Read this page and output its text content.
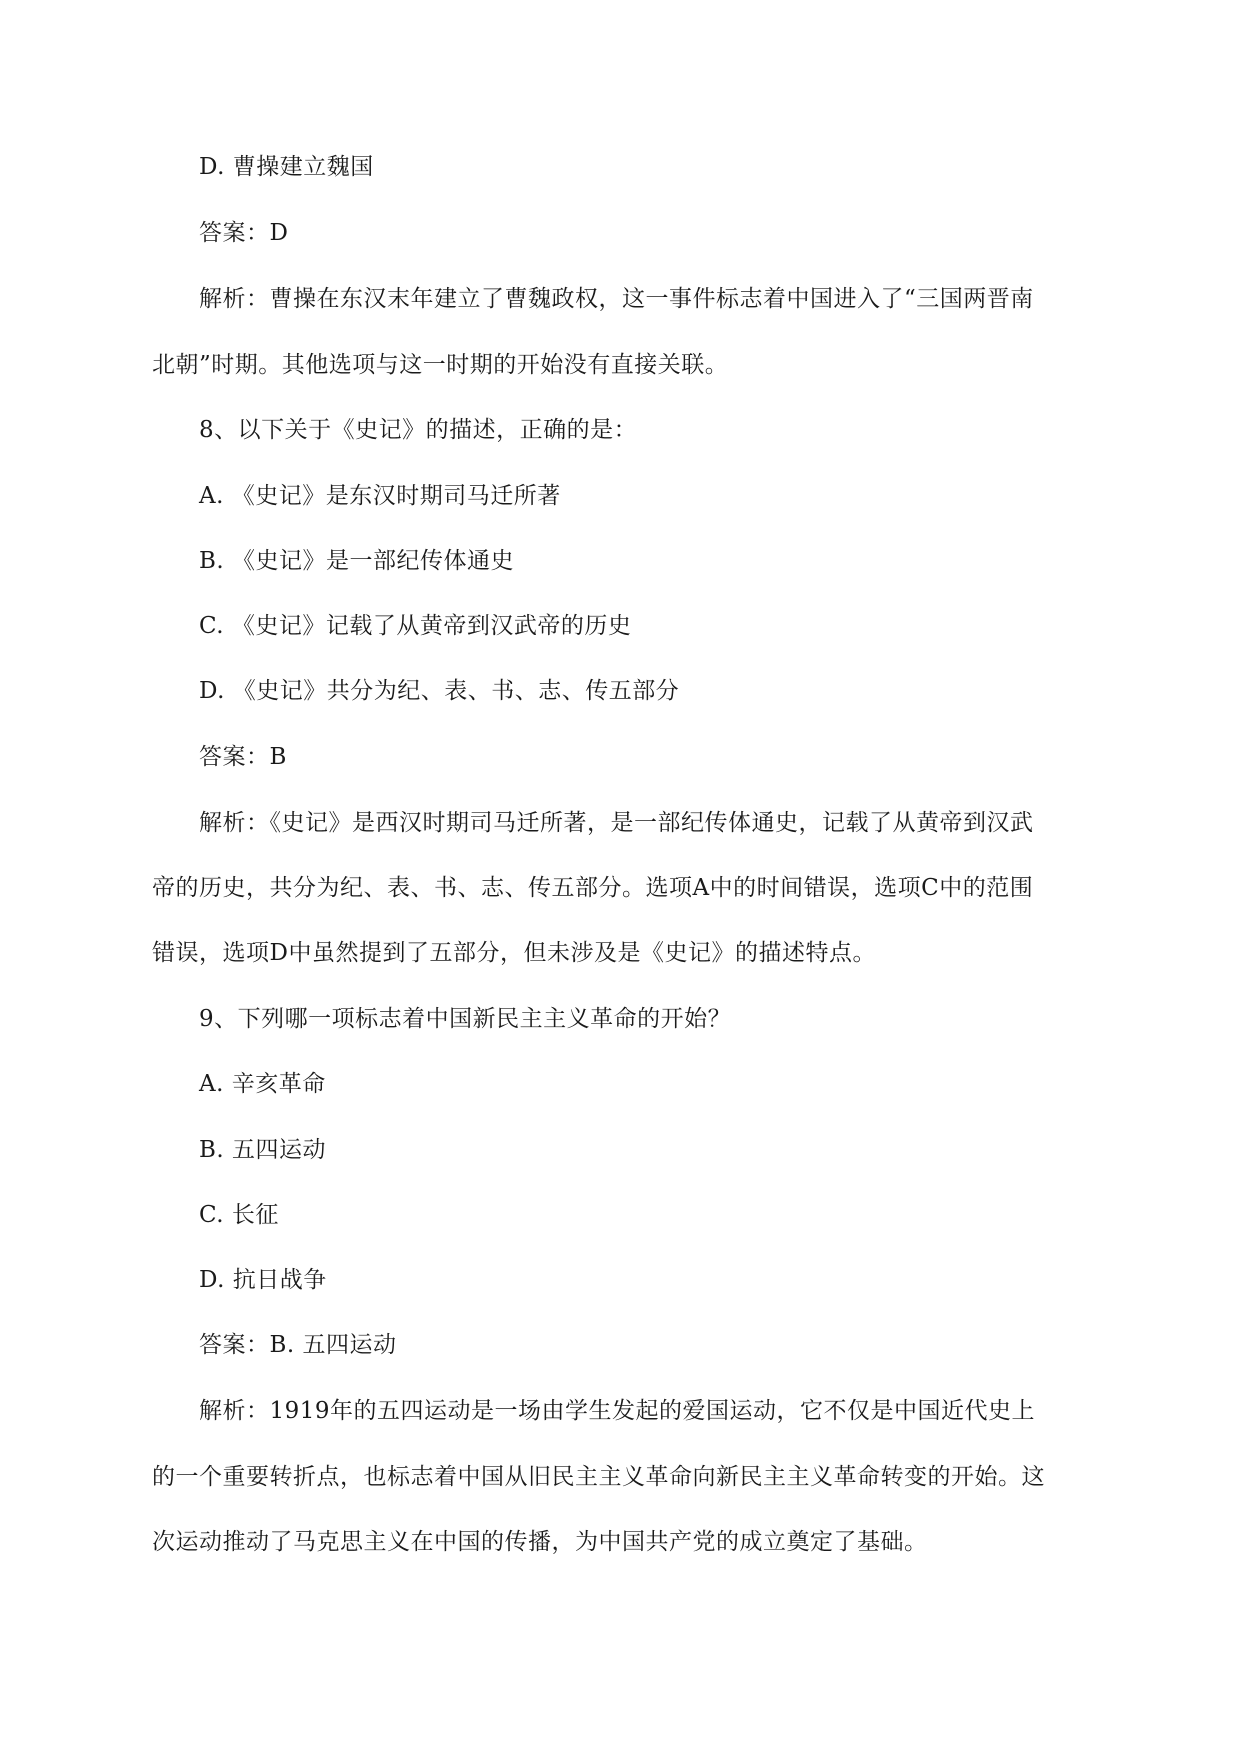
D. 曹操建立魏国
答案：D
解析：曹操在东汉末年建立了曹魏政权，这一事件标志着中国进入了“三国两晋南
北朝”时期。其他选项与这一时期的开始没有直接关联。
8、以下关于《史记》的描述，正确的是：
A. 《史记》是东汉时期司马迁所著
B. 《史记》是一部纪传体通史
C. 《史记》记载了从黄帝到汉武帝的历史
D. 《史记》共分为纪、表、书、志、传五部分
答案：B
解析：《史记》是西汉时期司马迁所著，是一部纪传体通史，记载了从黄帝到汉武
帝的历史，共分为纪、表、书、志、传五部分。选项A中的时间错误，选项C中的范围
错误，选项D中虽然提到了五部分，但未涉及是《史记》的描述特点。
9、下列哪一项标志着中国新民主主义革命的开始？
A. 辛亥革命
B. 五四运动
C. 长征
D. 抗日战争
答案：B. 五四运动
解析：1919年的五四运动是一场由学生发起的爱国运动，它不仅是中国近代史上
的一个重要转折点，也标志着中国从旧民主主义革命向新民主主义革命转变的开始。这
次运动推动了马克思主义在中国的传播，为中国共产党的成立奠定了基础。
